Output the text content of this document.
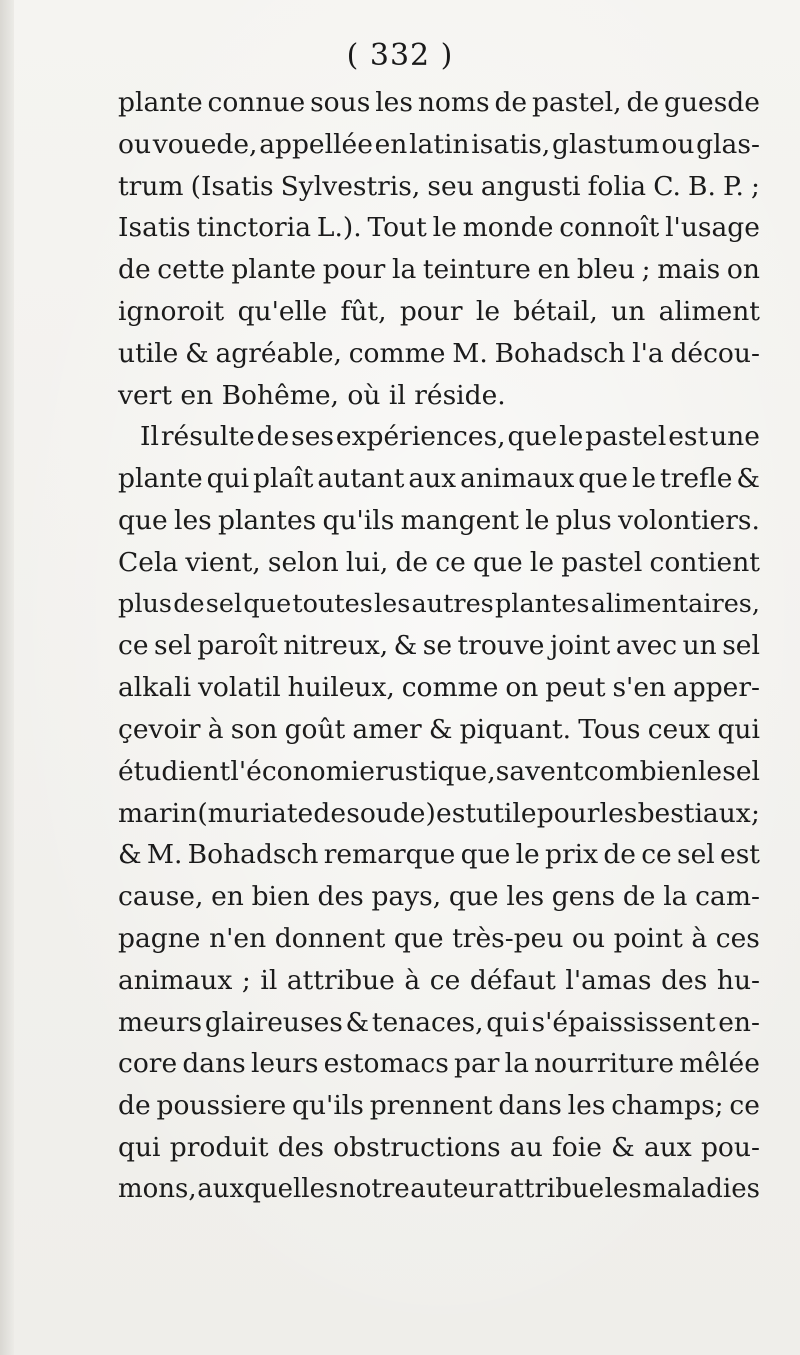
( 332 )
plante connue sous les noms de pastel, de guesde
ou vouede, appellée en latin isatis, glastum ou glas-
trum (Isatis Sylvestris, seu angusti folia C. B. P. ;
Isatis tinctoria L.). Tout le monde connoît l'usage
de cette plante pour la teinture en bleu ; mais on
ignoroit qu'elle fût, pour le bétail, un aliment
utile & agréable, comme M. Bohadsch l'a décou-
vert en Bohême, où il réside.
Il résulte de ses expériences, que le pastel est une
plante qui plaît autant aux animaux que le trefle &
que les plantes qu'ils mangent le plus volontiers.
Cela vient, selon lui, de ce que le pastel contient
plus de sel que toutes les autres plantes alimentaires,
ce sel paroît nitreux, & se trouve joint avec un sel
alkali volatil huileux, comme on peut s'en apper-
çevoir à son goût amer & piquant. Tous ceux qui
étudient l'économie rustique, savent combien le sel
marin (muriate de soude) est utile pour les bestiaux ;
& M. Bohadsch remarque que le prix de ce sel est
cause, en bien des pays, que les gens de la cam-
pagne n'en donnent que très-peu ou point à ces
animaux ; il attribue à ce défaut l'amas des hu-
meurs glaireuses & tenaces, qui s'épaississent en-
core dans leurs estomacs par la nourriture mêlée
de poussiere qu'ils prennent dans les champs; ce
qui produit des obstructions au foie & aux pou-
mons, auxquelles notre auteur attribue les maladies
